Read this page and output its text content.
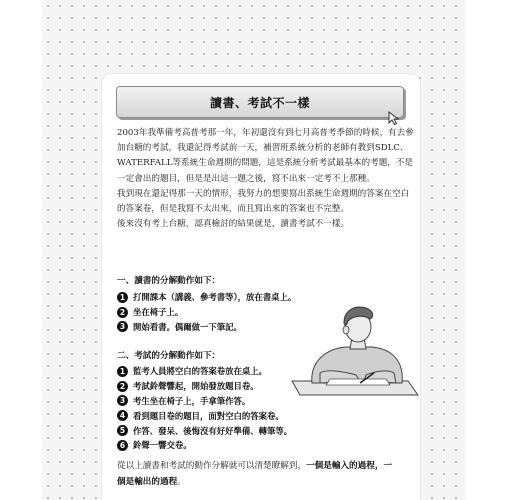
讀書、考試不一樣

2003年我準備考高普考那一年，年初還沒有到七月高普考季節的時候，有去參加台糖的考試，我還記得考試前一天，補習班系統分析的老師有教到SDLC、WATERFALL等系統生命週期的問題，這是系統分析考試最基本的考題，不是一定會出的題目，但是是出這一題之後，寫不出來一定考不上那種。

我到現在還記得那一天的情形，我努力的想要寫出系統生命週期的答案在空白的答案卷，但是我寫不太出來，而且寫出來的答案也不完整。

後來沒有考上台糖，認真檢討的結果就是，讀書考試不一樣。

一、讀書的分解動作如下：
1 打開課本（講義、參考書等），放在書桌上。
2 坐在椅子上。
3 開始看書。偶爾做一下筆記。
二、考試的分解動作如下：
1 監考人員將空白的答案卷放在桌上。
2 考試鈴聲響起，開始發放題目卷。
3 考生坐在椅子上，手拿筆作答。
4 看到題目卷的題目，面對空白的答案卷。
5 作答、發呆、後悔沒有好好準備、轉筆等。
6 鈴聲一響交卷。
從以上讀書和考試的動作分解就可以清楚瞭解到，一個是輸入的過程，一
個是輸出的過程。
